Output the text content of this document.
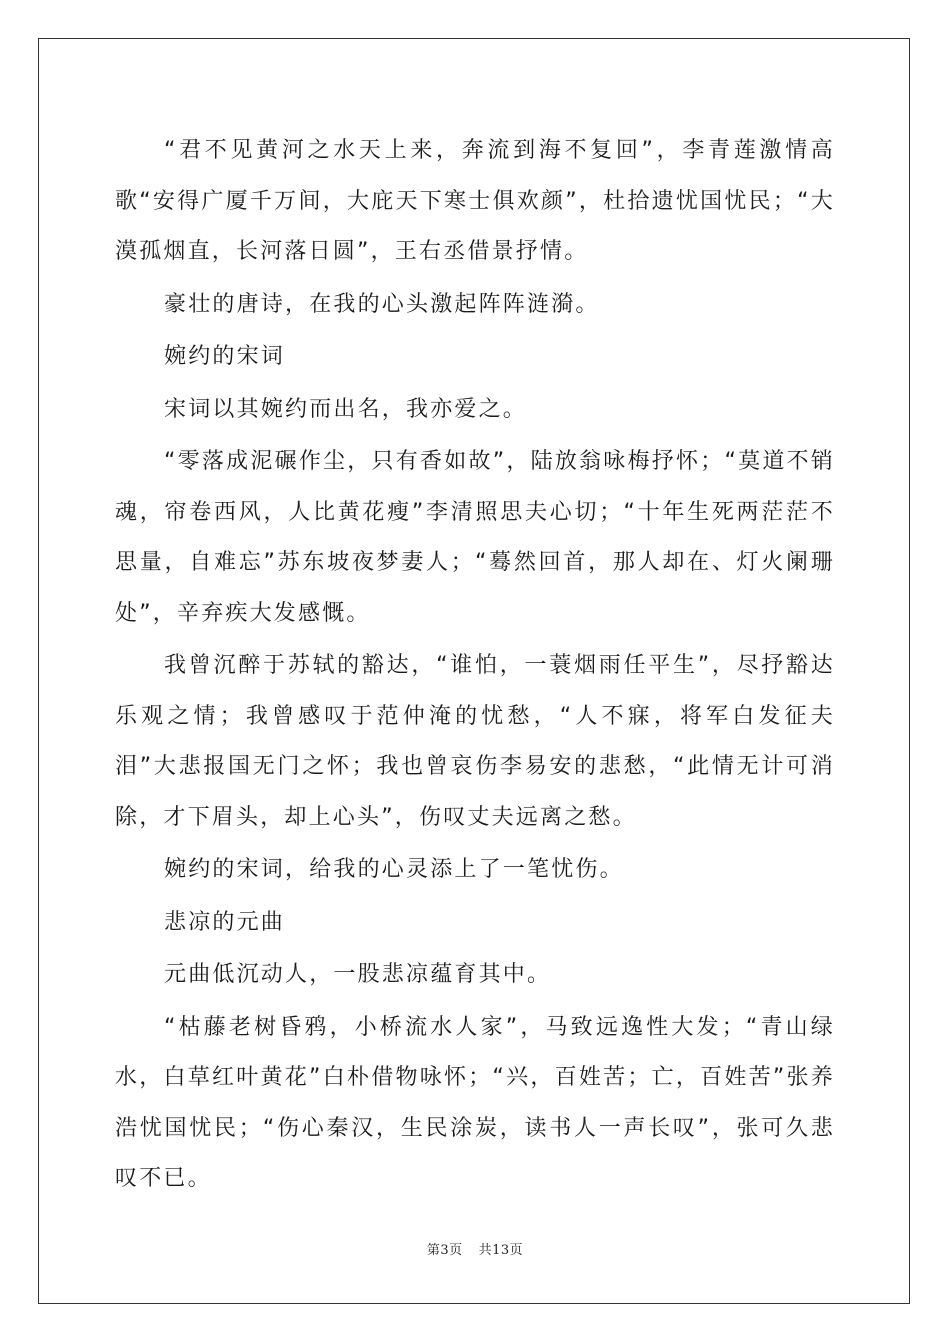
“君不见黄河之水天上来，奔流到海不复回”，李青莲激情高歌“安得广厦千万间，大庇天下寒士俱欢颜”，杜拾遗忧国忧民；“大漠孤烟直，长河落日圆”，王右丞借景抒情。

豪壮的唐诗，在我的心头激起阵阵涟漪。

婉约的宋词

宋词以其婉约而出名，我亦爱之。

“零落成泥碾作尘，只有香如故”，陆放翁咏梅抒怀；“莫道不销魂，帘卷西风，人比黄花瘦”李清照思夫心切；“十年生死两茫茫不思量，自难忘”苏东坡夜梦妻人；“蓦然回首，那人却在、灯火阑珊处”，辛弃疾大发感慨。

我曾沉醉于苏轼的豁达，“谁怕，一蓑烟雨任平生”，尽抒豁达乐观之情；我曾感叹于范仲淹的忧愁，“人不寐，将军白发征夫泪”大悲报国无门之怀；我也曾哀伤李易安的悲愁，“此情无计可消除，才下眉头，却上心头”，伤叹丈夫远离之愁。

婉约的宋词，给我的心灵添上了一笔忧伤。

悲凉的元曲

元曲低沉动人，一股悲凉蕴育其中。

“枯藤老树昏鸦，小桥流水人家”，马致远逸性大发；“青山绿水，白草红叶黄花”白朴借物咏怀；“兴，百姓苦；亡，百姓苦”张养浩忧国忧民；“伤心秦汉，生民涂炭，读书人一声长叹”，张可久悲叹不已。

第3页 共13页
